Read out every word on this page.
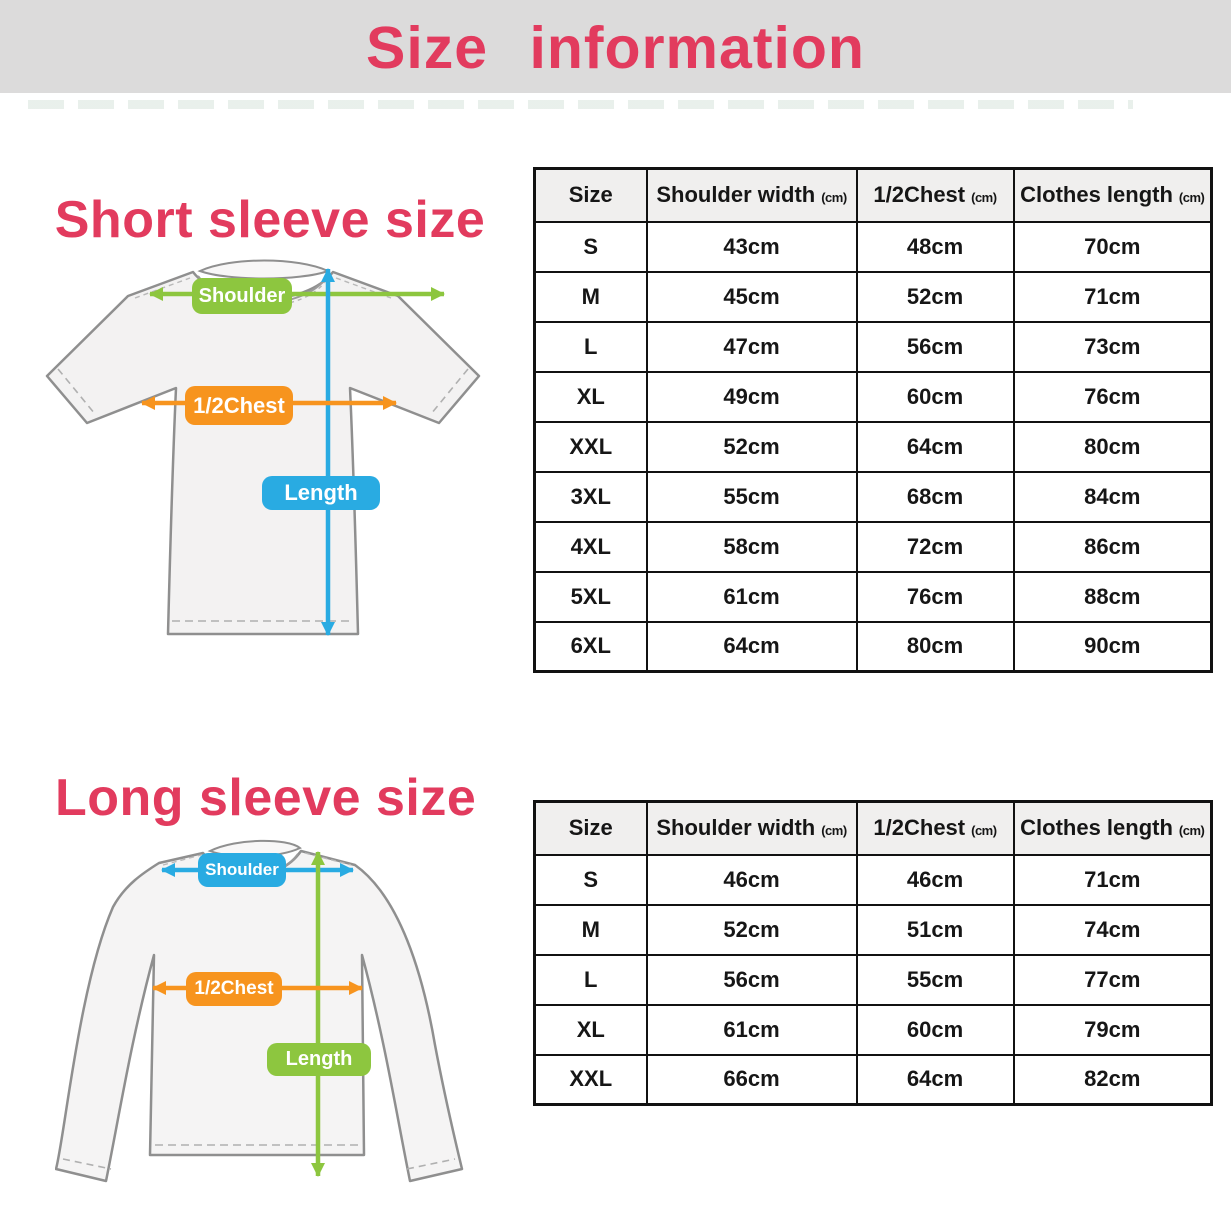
Size information
Short sleeve size
Shoulder
1/2Chest
Length
Size	Shoulder width (cm)	1/2Chest (cm)	Clothes length (cm)
S	43cm	48cm	70cm
M	45cm	52cm	71cm
L	47cm	56cm	73cm
XL	49cm	60cm	76cm
XXL	52cm	64cm	80cm
3XL	55cm	68cm	84cm
4XL	58cm	72cm	86cm
5XL	61cm	76cm	88cm
6XL	64cm	80cm	90cm
Long sleeve size
Shoulder
1/2Chest
Length
Size	Shoulder width (cm)	1/2Chest (cm)	Clothes length (cm)
S	46cm	46cm	71cm
M	52cm	51cm	74cm
L	56cm	55cm	77cm
XL	61cm	60cm	79cm
XXL	66cm	64cm	82cm
